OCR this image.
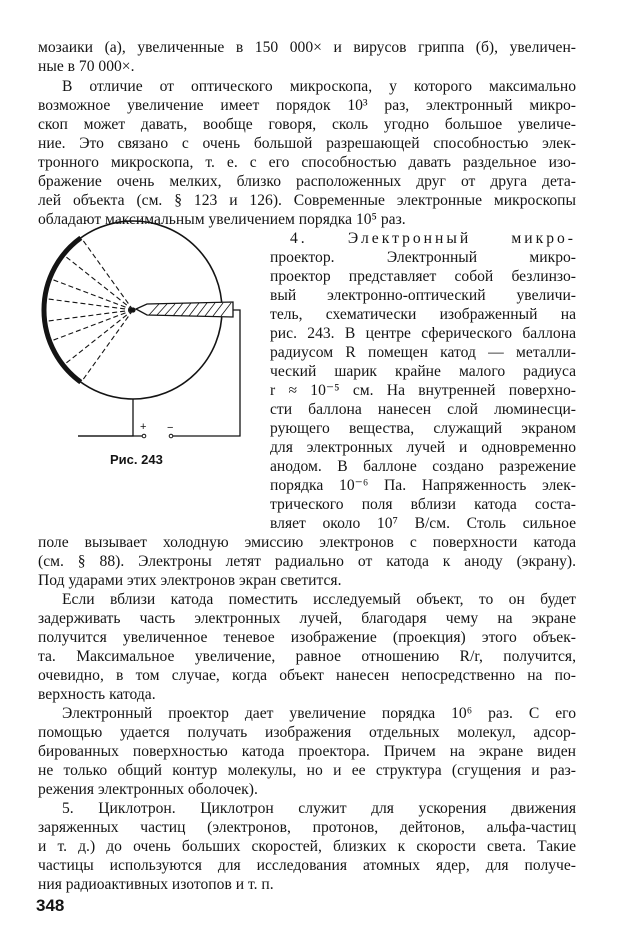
мозаики (а), увеличенные в 150 000× и вирусов гриппа (б), увеличен-
ные в 70 000×.
В отличие от оптического микроскопа, у которого максимально
возможное увеличение имеет порядок 10³ раз, электронный микро-
скоп может давать, вообще говоря, сколь угодно большое увеличе-
ние. Это связано с очень большой разрешающей способностью элек-
тронного микроскопа, т. е. с его способностью давать раздельное изо-
бражение очень мелких, близко расположенных друг от друга дета-
лей объекта (см. § 123 и 126). Современные электронные микроскопы
обладают максимальным увеличением порядка 10⁵ раз.
4. Электронный микро-
проектор. Электронный микро-
проектор представляет собой безлинзо-
вый электронно-оптический увеличи-
тель, схематически изображенный на
рис. 243. В центре сферического баллона
радиусом R помещен катод — металли-
ческий шарик крайне малого радиуса
r ≈ 10⁻⁵ см. На внутренней поверхно-
сти баллона нанесен слой люминесци-
рующего вещества, служащий экраном
для электронных лучей и одновременно
анодом. В баллоне создано разрежение
порядка 10⁻⁶ Па. Напряженность элек-
трического поля вблизи катода соста-
вляет около 10⁷ В/см. Столь сильное
поле вызывает холодную эмиссию электронов с поверхности катода
(см. § 88). Электроны летят радиально от катода к аноду (экрану).
Под ударами этих электронов экран светится.
Если вблизи катода поместить исследуемый объект, то он будет
задерживать часть электронных лучей, благодаря чему на экране
получится увеличенное теневое изображение (проекция) этого объек-
та. Максимальное увеличение, равное отношению R/r, получится,
очевидно, в том случае, когда объект нанесен непосредственно на по-
верхность катода.
Электронный проектор дает увеличение порядка 10⁶ раз. С его
помощью удается получать изображения отдельных молекул, адсор-
бированных поверхностью катода проектора. Причем на экране виден
не только общий контур молекулы, но и ее структура (сгущения и раз-
режения электронных оболочек).
5. Циклотрон. Циклотрон служит для ускорения движения
заряженных частиц (электронов, протонов, дейтонов, альфа-частиц
и т. д.) до очень больших скоростей, близких к скорости света. Такие
частицы используются для исследования атомных ядер, для получе-
ния радиоактивных изотопов и т. п.
+ −
Рис. 243
348
